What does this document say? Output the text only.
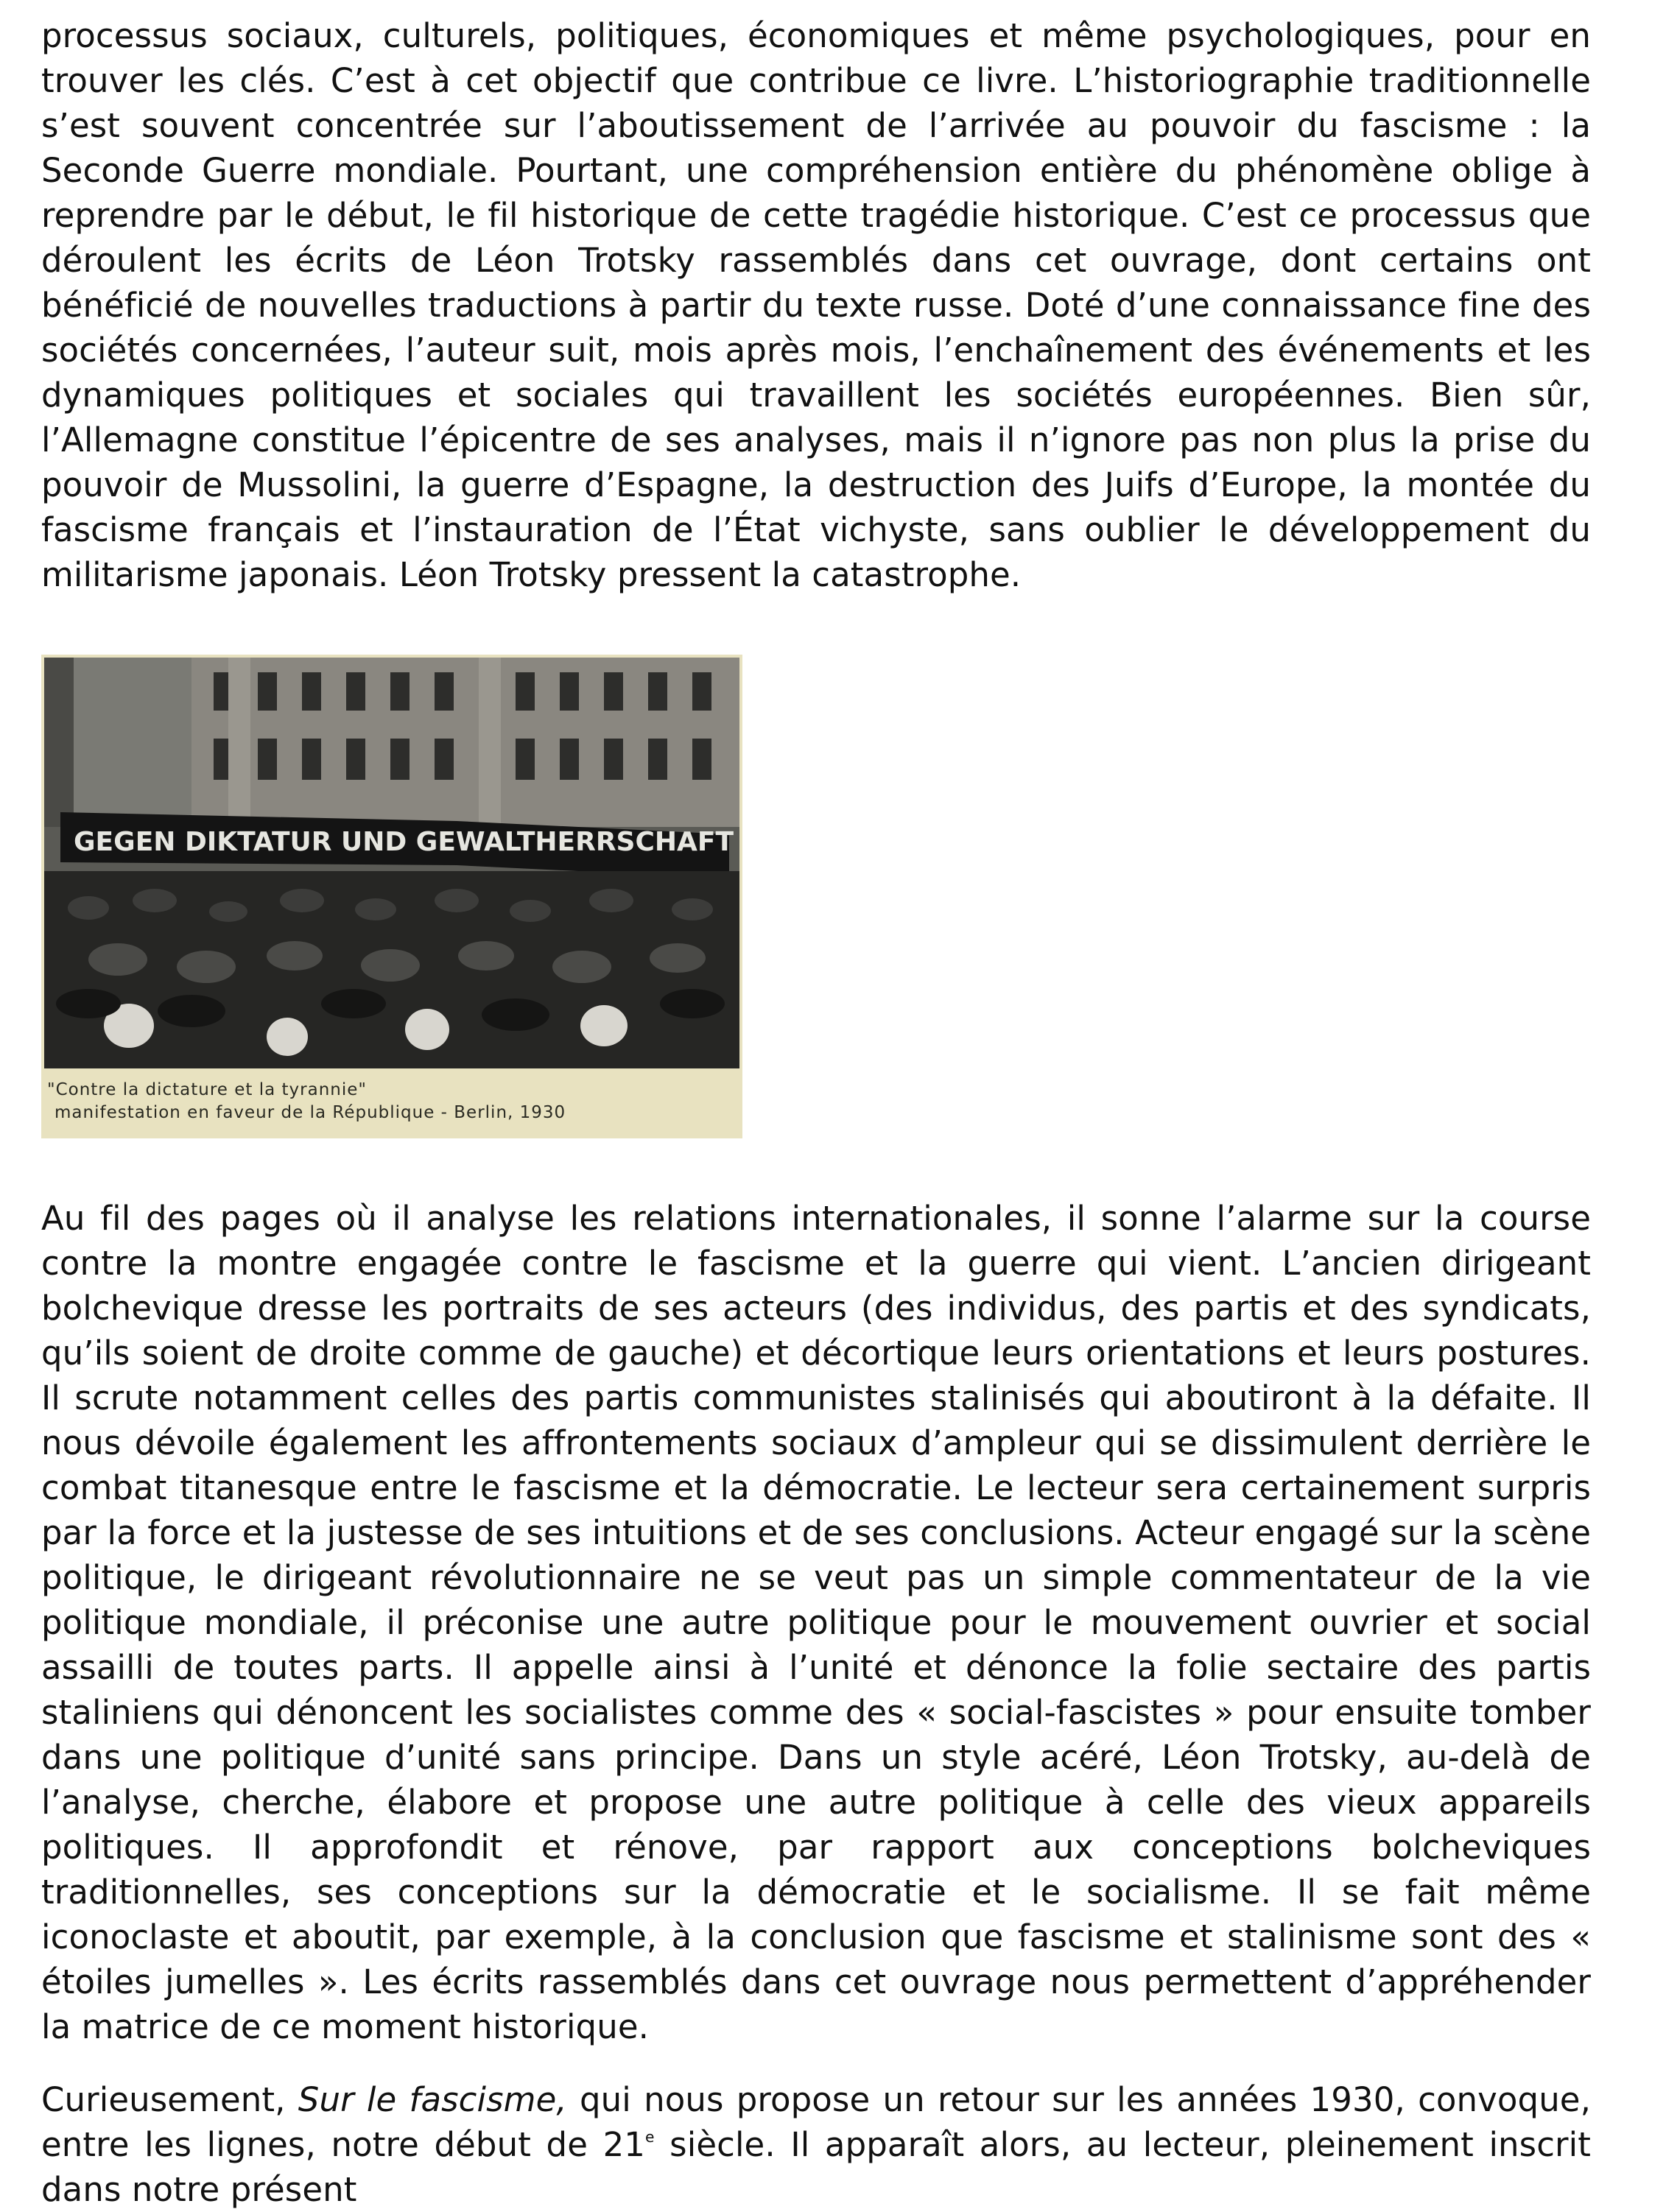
processus sociaux, culturels, politiques, économiques et même psychologiques, pour en trouver les clés. C’est à cet objectif que contribue ce livre. L’historiographie traditionnelle s’est souvent concentrée sur l’aboutissement de l’arrivée au pouvoir du fascisme : la Seconde Guerre mondiale. Pourtant, une compréhension entière du phénomène oblige à reprendre par le début, le fil historique de cette tragédie historique. C’est ce processus que déroulent les écrits de Léon Trotsky rassemblés dans cet ouvrage, dont certains ont bénéficié de nouvelles traductions à partir du texte russe. Doté d’une connaissance fine des sociétés concernées, l’auteur suit, mois après mois, l’enchaînement des événements et les dynamiques politiques et sociales qui travaillent les sociétés européennes. Bien sûr, l’Allemagne constitue l’épicentre de ses analyses, mais il n’ignore pas non plus la prise du pouvoir de Mussolini, la guerre d’Espagne, la destruction des Juifs d’Europe, la montée du fascisme français et l’instauration de l’État vichyste, sans oublier le développement du militarisme japonais. Léon Trotsky pressent la catastrophe.

GEGEN DIKTATUR UND GEWALTHERRSCHAFT
"Contre la dictature et la tyrannie"
manifestation en faveur de la République - Berlin, 1930

Au fil des pages où il analyse les relations internationales, il sonne l’alarme sur la course contre la montre engagée contre le fascisme et la guerre qui vient. L’ancien dirigeant bolchevique dresse les portraits de ses acteurs (des individus, des partis et des syndicats, qu’ils soient de droite comme de gauche) et décortique leurs orientations et leurs postures. Il scrute notamment celles des partis communistes stalinisés qui aboutiront à la défaite. Il nous dévoile également les affrontements sociaux d’ampleur qui se dissimulent derrière le combat titanesque entre le fascisme et la démocratie. Le lecteur sera certainement surpris par la force et la justesse de ses intuitions et de ses conclusions. Acteur engagé sur la scène politique, le dirigeant révolutionnaire ne se veut pas un simple commentateur de la vie politique mondiale, il préconise une autre politique pour le mouvement ouvrier et social assailli de toutes parts. Il appelle ainsi à l’unité et dénonce la folie sectaire des partis staliniens qui dénoncent les socialistes comme des « social-fascistes » pour ensuite tomber dans une politique d’unité sans principe. Dans un style acéré, Léon Trotsky, au-delà de l’analyse, cherche, élabore et propose une autre politique à celle des vieux appareils politiques. Il approfondit et rénove, par rapport aux conceptions bolcheviques traditionnelles, ses conceptions sur la démocratie et le socialisme. Il se fait même iconoclaste et aboutit, par exemple, à la conclusion que fascisme et stalinisme sont des « étoiles jumelles ». Les écrits rassemblés dans cet ouvrage nous permettent d’appréhender la matrice de ce moment historique.

Curieusement, Sur le fascisme, qui nous propose un retour sur les années 1930, convoque, entre les lignes, notre début de 21e siècle. Il apparaît alors, au lecteur, pleinement inscrit dans notre présent
